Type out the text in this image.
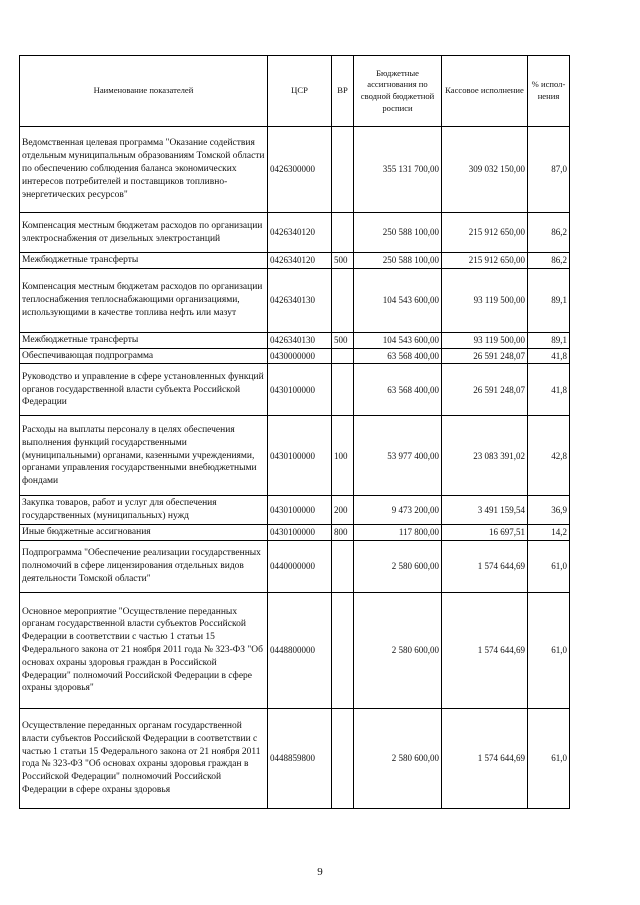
Наименование показателей	ЦСР	ВР	Бюджетные ассигнования по сводной бюджетной росписи	Кассовое исполнение	% испол-нения
Ведомственная целевая программа "Оказание содействия отдельным муниципальным образованиям Томской области по обеспечению соблюдения баланса экономических интересов потребителей и поставщиков топливно-энергетических ресурсов"	0426300000		355 131 700,00	309 032 150,00	87,0
Компенсация местным бюджетам расходов по организации электроснабжения от дизельных электростанций	0426340120		250 588 100,00	215 912 650,00	86,2
Межбюджетные трансферты	0426340120	500	250 588 100,00	215 912 650,00	86,2
Компенсация местным бюджетам расходов по организации теплоснабжения теплоснабжающими организациями, использующими в качестве топлива нефть или мазут	0426340130		104 543 600,00	93 119 500,00	89,1
Межбюджетные трансферты	0426340130	500	104 543 600,00	93 119 500,00	89,1
Обеспечивающая подпрограмма	0430000000		63 568 400,00	26 591 248,07	41,8
Руководство и управление в сфере установленных функций органов государственной власти субъекта Российской Федерации	0430100000		63 568 400,00	26 591 248,07	41,8
Расходы на выплаты персоналу в целях обеспечения выполнения функций государственными (муниципальными) органами, казенными учреждениями, органами управления государственными внебюджетными фондами	0430100000	100	53 977 400,00	23 083 391,02	42,8
Закупка товаров, работ и услуг для обеспечения государственных (муниципальных) нужд	0430100000	200	9 473 200,00	3 491 159,54	36,9
Иные бюджетные ассигнования	0430100000	800	117 800,00	16 697,51	14,2
Подпрограмма "Обеспечение реализации государственных полномочий в сфере лицензирования отдельных видов деятельности Томской области"	0440000000		2 580 600,00	1 574 644,69	61,0
Основное мероприятие "Осуществление переданных органам государственной власти субъектов Российской Федерации в соответствии с частью 1 статьи 15 Федерального закона от 21 ноября 2011 года № 323-ФЗ "Об основах охраны здоровья граждан в Российской Федерации" полномочий Российской Федерации в сфере охраны здоровья"	0448800000		2 580 600,00	1 574 644,69	61,0
Осуществление переданных органам государственной власти субъектов Российской Федерации в соответствии с частью 1 статьи 15 Федерального закона от 21 ноября 2011 года № 323-ФЗ "Об основах охраны здоровья граждан в Российской Федерации" полномочий Российской Федерации в сфере охраны здоровья	0448859800		2 580 600,00	1 574 644,69	61,0
9
